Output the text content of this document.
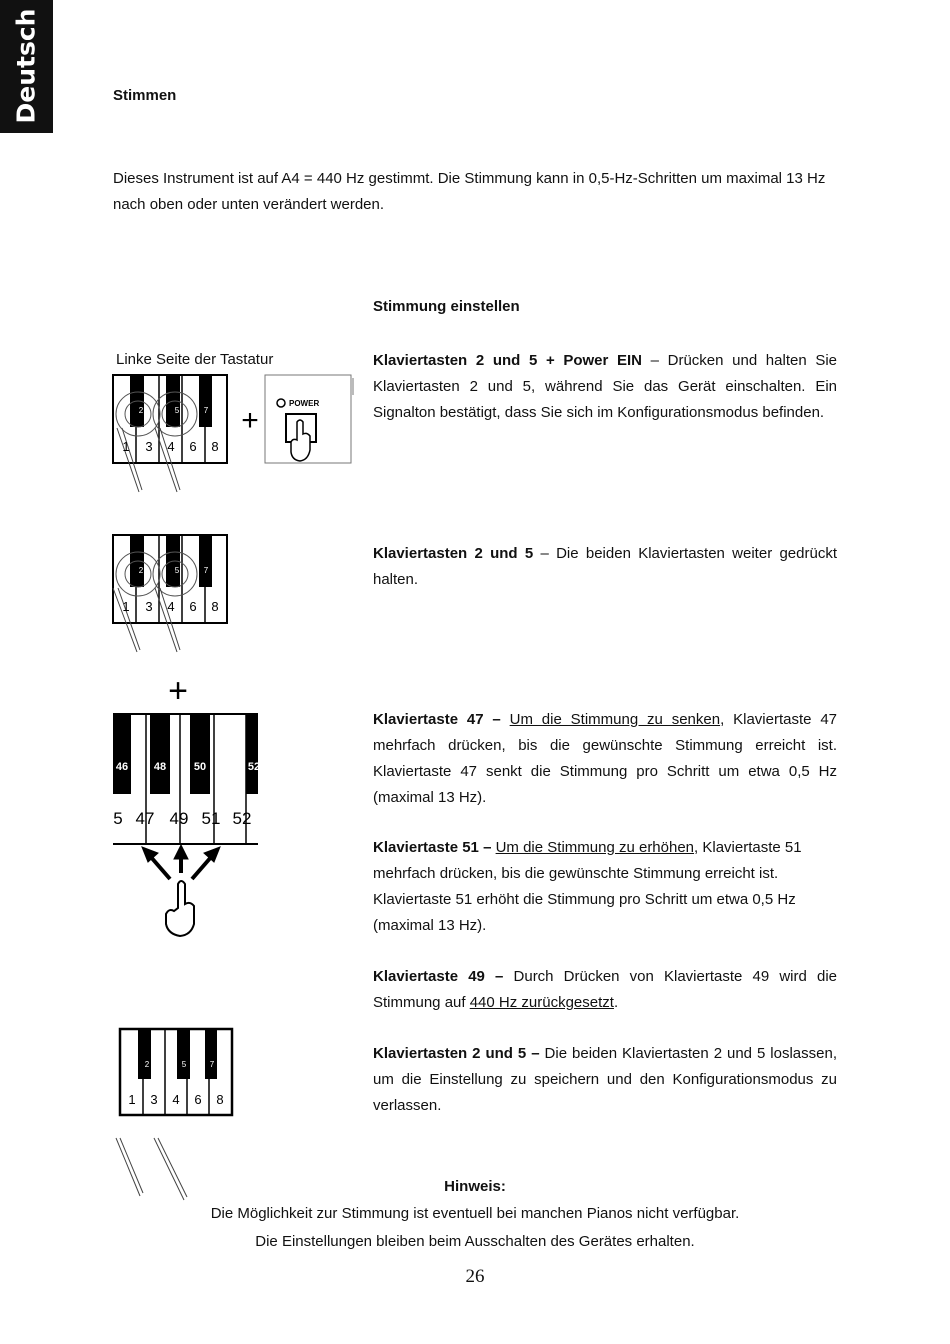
Deutsch	Stimmen
Dieses Instrument ist auf A4 = 440 Hz gestimmt. Die Stimmung kann in 0,5-Hz-Schritten um maximal 13 Hz nach oben oder unten verändert werden.
Stimmung einstellen
Linke Seite der Tastatur
2	5	7
1 3 4 6 8
+
POWER
Klaviertasten 2 und 5 + Power EIN – Drücken und halten Sie Klaviertasten 2 und 5, während Sie das Gerät einschalten. Ein Signalton bestätigt, dass Sie sich im Konfigurationsmodus befinden.
2	5	7
1 3 4 6 8
Klaviertasten 2 und 5 – Die beiden Klaviertasten weiter gedrückt halten.
+
46 48	50	52
5 47 49 51 52
Klaviertaste 47 – Um die Stimmung zu senken, Klaviertaste 47 mehrfach drücken, bis die gewünschte Stimmung erreicht ist. Klaviertaste 47 senkt die Stimmung pro Schritt um etwa 0,5 Hz (maximal 13 Hz).
Klaviertaste 51 – Um die Stimmung zu erhöhen, Klaviertaste 51 mehrfach drücken, bis die gewünschte Stimmung erreicht ist. Klaviertaste 51 erhöht die Stimmung pro Schritt um etwa 0,5 Hz (maximal 13 Hz).
Klaviertaste 49 – Durch Drücken von Klaviertaste 49 wird die Stimmung auf 440 Hz zurückgesetzt.
2	5	7
1 3 4 6 8
Klaviertasten 2 und 5 – Die beiden Klaviertasten 2 und 5 loslassen, um die Einstellung zu speichern und den Konfigurationsmodus zu verlassen.
Hinweis:
Die Möglichkeit zur Stimmung ist eventuell bei manchen Pianos nicht verfügbar.
Die Einstellungen bleiben beim Ausschalten des Gerätes erhalten.
26
